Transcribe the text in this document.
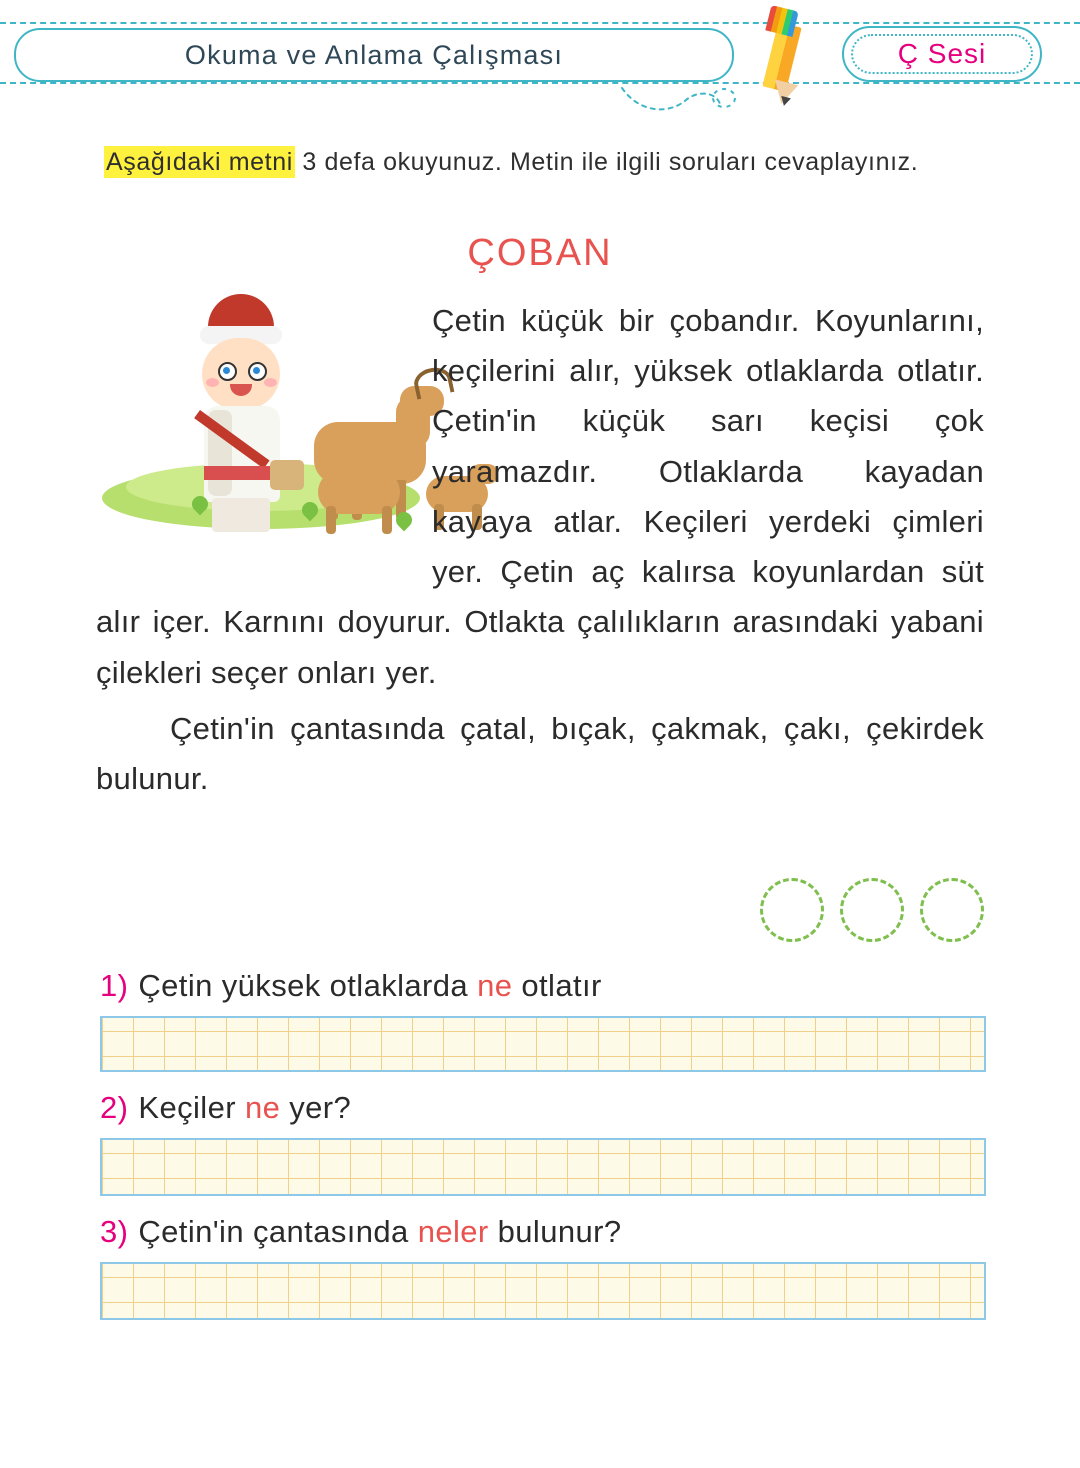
Okuma ve Anlama Çalışması	Ç Sesi
Aşağıdaki metni 3 defa okuyunuz. Metin ile ilgili soruları cevaplayınız.
ÇOBAN

Çetin küçük bir çobandır. Koyunlarını, keçilerini alır, yüksek otlaklarda otlatır. Çetin'in küçük sarı keçisi çok yaramazdır. Otlaklarda kayadan kayaya atlar. Keçileri yerdeki çimleri yer. Çetin aç kalırsa koyunlardan süt alır içer. Karnını doyurur. Otlakta çalılıkların arasındaki yabani çilekleri seçer onları yer.

Çetin'in çantasında çatal, bıçak, çakmak, çakı, çekirdek bulunur.

1) Çetin yüksek otlaklarda ne otlatır
2) Keçiler ne yer?
3) Çetin'in çantasında neler bulunur?
